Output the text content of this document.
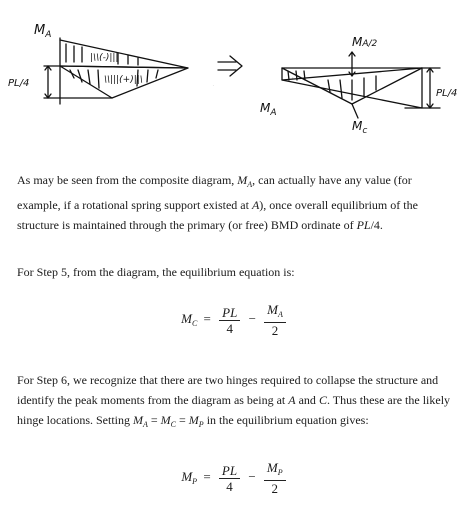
$M_A$
PL/4
|\\(-)|||
\\|||(+)||\
=>
MA/2
PL/4
$M_A$
$M_c$
||\\
\\|||

As may be seen from the composite diagram, $M_A$, can actually have any value (for example, if a rotational spring support existed at A), once overall equilibrium of the structure is maintained through the primary (or free) BMD ordinate of PL/4.

For Step 5, from the diagram, the equilibrium equation is:

$M_C = \frac{PL}{4} - \frac{M_A}{2}$

For Step 6, we recognize that there are two hinges required to collapse the structure and identify the peak moments from the diagram as being at A and C. Thus these are the likely hinge locations. Setting $M_A = M_C = M_P$ in the equilibrium equation gives:

$M_P = \frac{PL}{4} - \frac{M_P}{2}$
